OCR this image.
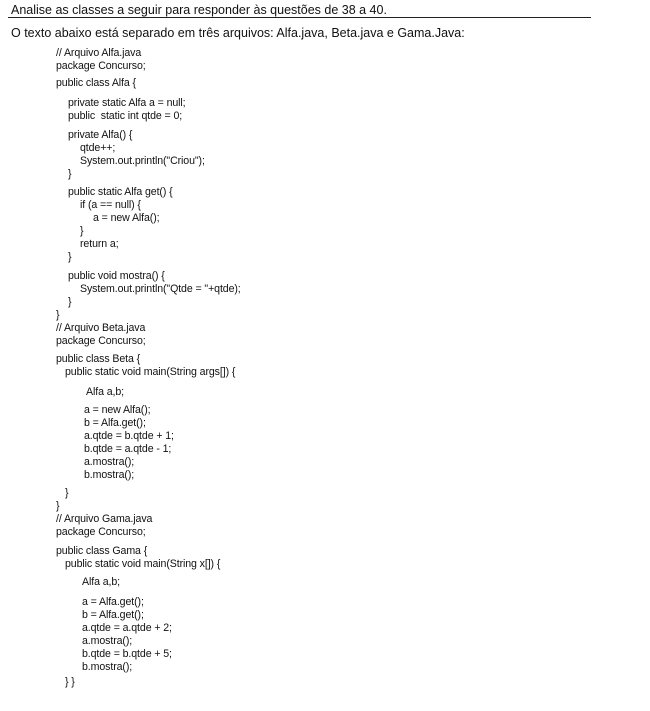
Analise as classes a seguir para responder às questões de 38 a 40.
O texto abaixo está separado em três arquivos: Alfa.java, Beta.java e Gama.Java:
// Arquivo Alfa.java
package Concurso;
public class Alfa {
private static Alfa a = null;
public  static int qtde = 0;
private Alfa() {
qtde++;
System.out.println("Criou");
}
public static Alfa get() {
if (a == null) {
a = new Alfa();
}
return a;
}
public void mostra() {
System.out.println("Qtde = "+qtde);
}
}
// Arquivo Beta.java
package Concurso;
public class Beta {
public static void main(String args[]) {
Alfa a,b;
a = new Alfa();
b = Alfa.get();
a.qtde = b.qtde + 1;
b.qtde = a.qtde - 1;
a.mostra();
b.mostra();
}
}
// Arquivo Gama.java
package Concurso;
public class Gama {
public static void main(String x[]) {
Alfa a,b;
a = Alfa.get();
b = Alfa.get();
a.qtde = a.qtde + 2;
a.mostra();
b.qtde = b.qtde + 5;
b.mostra();
} }
